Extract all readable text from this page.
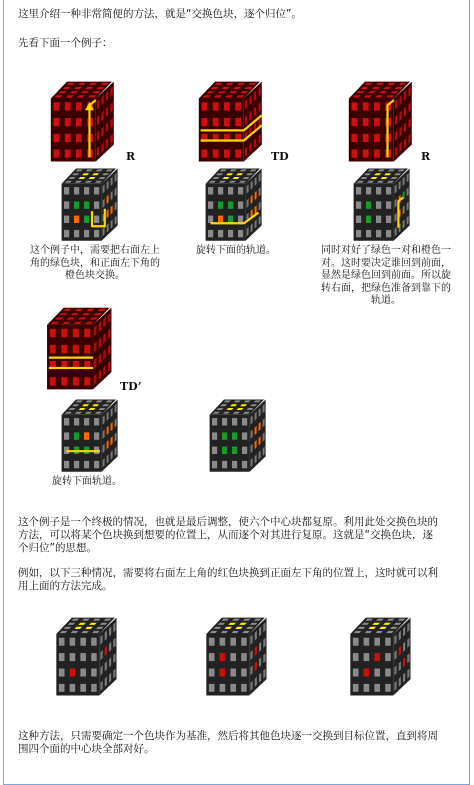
这里介绍一种非常简便的方法，就是“交换色块，逐个归位”。
先看下面一个例子：
R	TD	R
这个例子中，需要把右面左上
角的绿色块，和正面左下角的
橙色块交换。
旋转下面的轨道。	同时对好了绿色一对和橙色一
对。这时要决定谁回到前面，
显然是绿色回到前面。所以旋
转右面，把绿色准备到靠下的
轨道。
TD’
旋转下面轨道。
这个例子是一个终极的情况，也就是最后调整，使六个中心块都复原。利用此处交换色块的
方法，可以将某个色块换到想要的位置上，从而逐个对其进行复原。这就是“交换色块，逐
个归位”的思想。
例如，以下三种情况，需要将右面左上角的红色块换到正面左下角的位置上，这时就可以利
用上面的方法完成。
这种方法，只需要确定一个色块作为基准，然后将其他色块逐一交换到目标位置，直到将周
围四个面的中心块全部对好。
